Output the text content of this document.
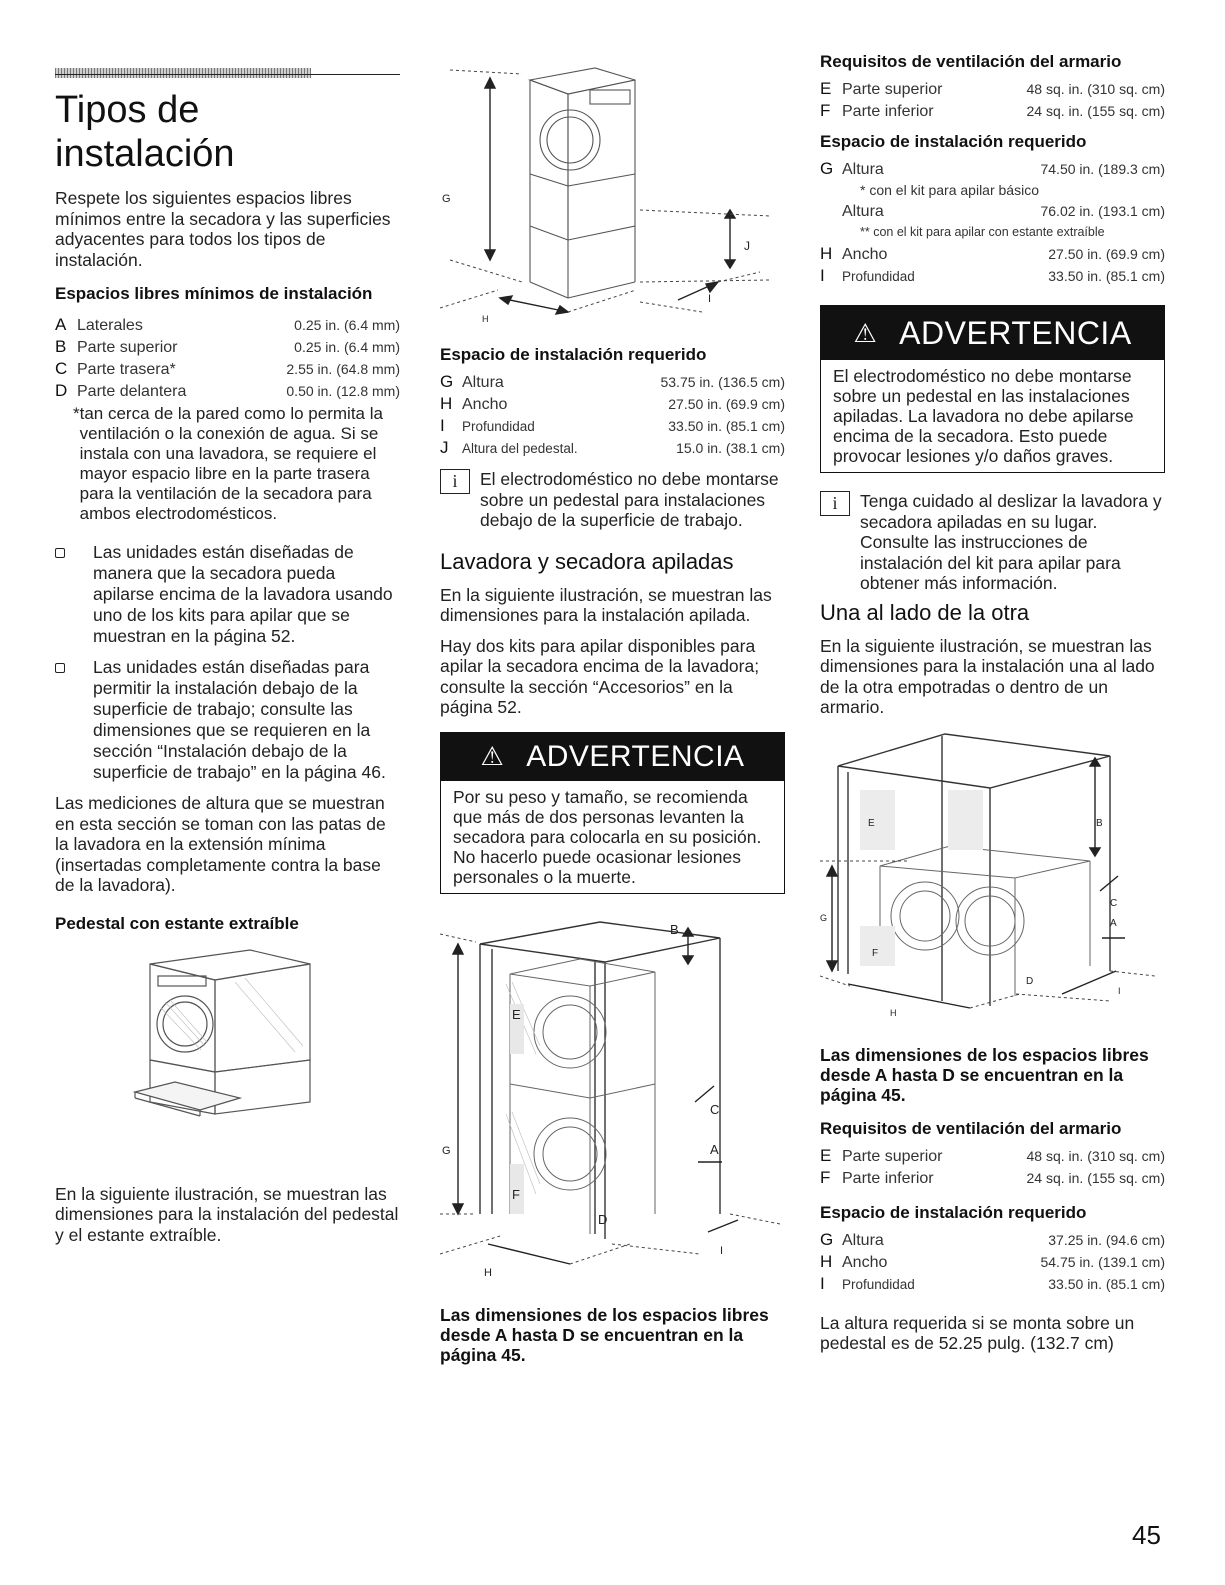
Tipos de
instalación

Respete los siguientes espacios libres mínimos entre la secadora y las superficies adyacentes para todos los tipos de instalación.

Espacios libres mínimos de instalación
A Laterales	0.25 in. (6.4 mm)
B Parte superior	0.25 in. (6.4 mm)
C Parte trasera*	2.55 in. (64.8 mm)
D Parte delantera	0.50 in. (12.8 mm)
* tan cerca de la pared como lo permita la ventilación o la conexión de agua. Si se instala con una lavadora, se requiere el mayor espacio libre en la parte trasera para la ventilación de la secadora para ambos electrodomésticos.
Las unidades están diseñadas de manera que la secadora pueda apilarse encima de la lavadora usando uno de los kits para apilar que se muestran en la página 52.
Las unidades están diseñadas para permitir la instalación debajo de la superficie de trabajo; consulte las dimensiones que se requieren en la sección “Instalación debajo de la superficie de trabajo” en la página 46.

Las mediciones de altura que se muestran en esta sección se toman con las patas de la lavadora en la extensión mínima (insertadas completamente contra la base de la lavadora).

Pedestal con estante extraíble

En la siguiente ilustración, se muestran las dimensiones para la instalación del pedestal y el estante extraíble.

G
J
I
H
Espacio de instalación requerido
G Altura	53.75 in. (136.5 cm)
H Ancho	27.50 in. (69.9 cm)
I	Profundidad	33.50 in. (85.1 cm)
J	Altura del pedestal.	15.0 in. (38.1 cm)
i	El electrodoméstico no debe montarse sobre un pedestal para instalaciones debajo de la superficie de trabajo.
Lavadora y secadora apiladas

En la siguiente ilustración, se muestran las dimensiones para la instalación apilada.

Hay dos kits para apilar disponibles para apilar la secadora encima de la lavadora; consulte la sección “Accesorios” en la página 52.

⚠ ADVERTENCIA
Por su peso y tamaño, se recomienda que más de dos personas levanten la secadora para colocarla en su posición. No hacerlo puede ocasionar lesiones personales o la muerte.
B
E
C
A
G
F
D
H
I

Las dimensiones de los espacios libres desde A hasta D se encuentran en la página 45.

Requisitos de ventilación del armario
E Parte superior	48 sq. in. (310 sq. cm)
F Parte inferior	24 sq. in. (155 sq. cm)
Espacio de instalación requerido
G Altura	74.50 in. (189.3 cm)
* con el kit para apilar básico
Altura	76.02 in. (193.1 cm)
** con el kit para apilar con estante extraíble
H Ancho	27.50 in. (69.9 cm)
I	Profundidad	33.50 in. (85.1 cm)
⚠ ADVERTENCIA
El electrodoméstico no debe montarse sobre un pedestal en las instalaciones apiladas. La lavadora no debe apilarse encima de la secadora. Esto puede provocar lesiones y/o daños graves.
i	Tenga cuidado al deslizar la lavadora y secadora apiladas en su lugar. Consulte las instrucciones de instalación del kit para apilar para obtener más información.
Una al lado de la otra

En la siguiente ilustración, se muestran las dimensiones para la instalación una al lado de la otra empotradas o dentro de un armario.

E	B
C
G	A
F
D
H
I

Las dimensiones de los espacios libres desde A hasta D se encuentran en la página 45.

Requisitos de ventilación del armario
E Parte superior	48 sq. in. (310 sq. cm)
F Parte inferior	24 sq. in. (155 sq. cm)
Espacio de instalación requerido
G Altura	37.25 in. (94.6 cm)
H Ancho	54.75 in. (139.1 cm)
I	Profundidad	33.50 in. (85.1 cm)

La altura requerida si se monta sobre un pedestal es de 52.25 pulg. (132.7 cm)

45
